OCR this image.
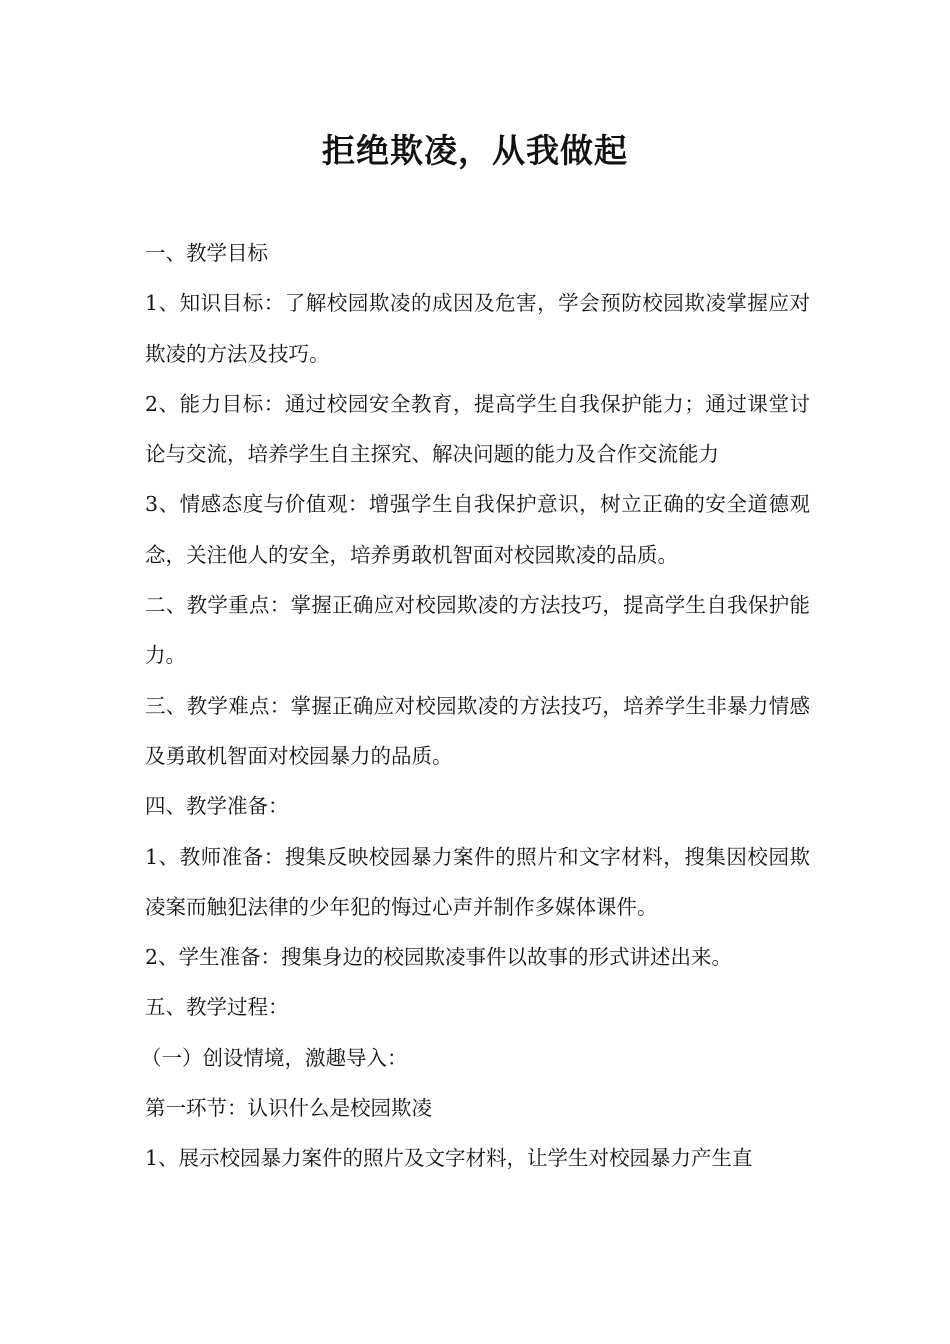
拒绝欺凌，从我做起

一、教学目标

1、知识目标：了解校园欺凌的成因及危害，学会预防校园欺凌掌握应对欺凌的方法及技巧。

2、能力目标：通过校园安全教育，提高学生自我保护能力；通过课堂讨论与交流，培养学生自主探究、解决问题的能力及合作交流能力

3、情感态度与价值观：增强学生自我保护意识，树立正确的安全道德观念，关注他人的安全，培养勇敢机智面对校园欺凌的品质。

二、教学重点：掌握正确应对校园欺凌的方法技巧，提高学生自我保护能力。

三、教学难点：掌握正确应对校园欺凌的方法技巧，培养学生非暴力情感及勇敢机智面对校园暴力的品质。

四、教学准备：

1、教师准备：搜集反映校园暴力案件的照片和文字材料，搜集因校园欺凌案而触犯法律的少年犯的悔过心声并制作多媒体课件。

2、学生准备：搜集身边的校园欺凌事件以故事的形式讲述出来。

五、教学过程：

（一）创设情境，激趣导入：

第一环节：认识什么是校园欺凌

1、展示校园暴力案件的照片及文字材料，让学生对校园暴力产生直
